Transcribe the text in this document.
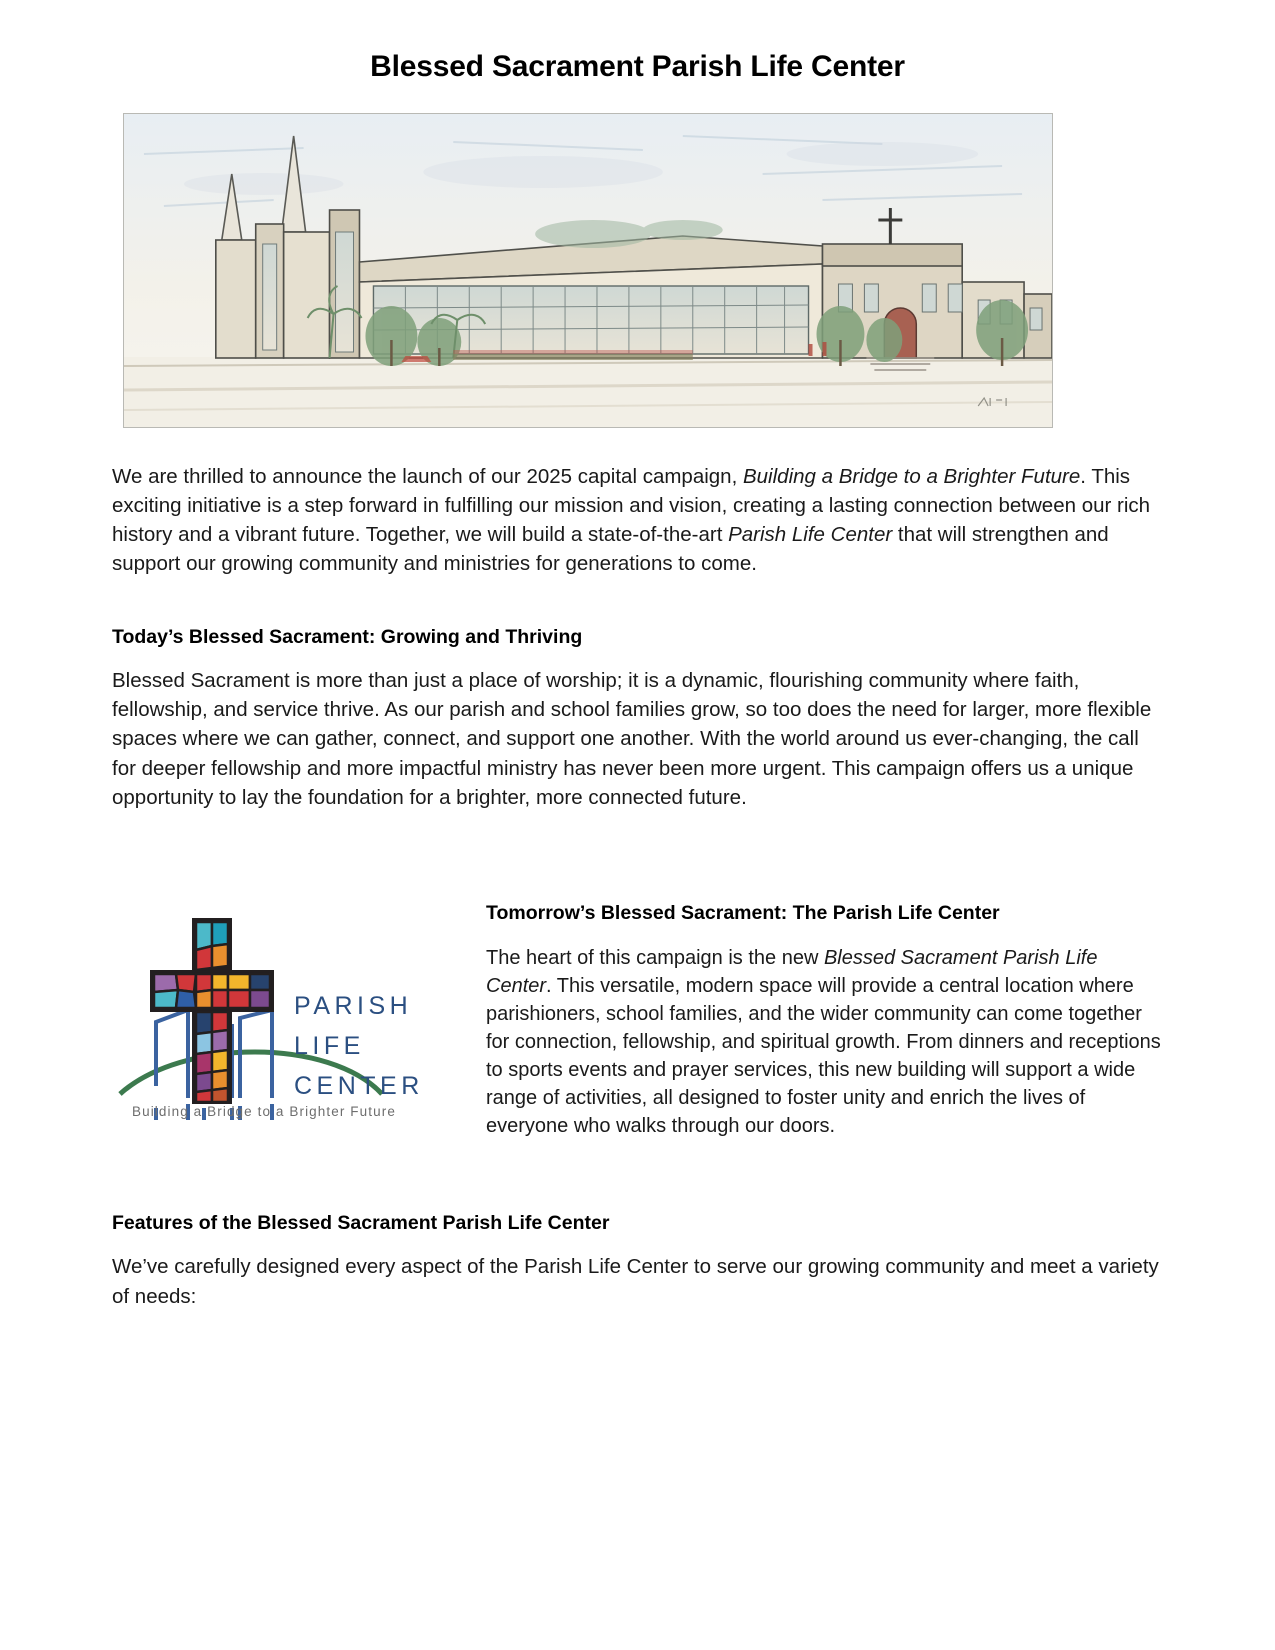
Blessed Sacrament Parish Life Center

We are thrilled to announce the launch of our 2025 capital campaign, Building a Bridge to a Brighter Future. This exciting initiative is a step forward in fulfilling our mission and vision, creating a lasting connection between our rich history and a vibrant future. Together, we will build a state-of-the-art Parish Life Center that will strengthen and support our growing community and ministries for generations to come.

Today’s Blessed Sacrament: Growing and Thriving

Blessed Sacrament is more than just a place of worship; it is a dynamic, flourishing community where faith, fellowship, and service thrive. As our parish and school families grow, so too does the need for larger, more flexible spaces where we can gather, connect, and support one another. With the world around us ever-changing, the call for deeper fellowship and more impactful ministry has never been more urgent. This campaign offers us a unique opportunity to lay the foundation for a brighter, more connected future.

PARISH
LIFE
CENTER
Building a Bridge to a Brighter Future
Tomorrow’s Blessed Sacrament: The Parish Life Center

The heart of this campaign is the new Blessed Sacrament Parish Life Center. This versatile, modern space will provide a central location where parishioners, school families, and the wider community can come together for connection, fellowship, and spiritual growth. From dinners and receptions to sports events and prayer services, this new building will support a wide range of activities, all designed to foster unity and enrich the lives of everyone who walks through our doors.

Features of the Blessed Sacrament Parish Life Center

We’ve carefully designed every aspect of the Parish Life Center to serve our growing community and meet a variety of needs:
